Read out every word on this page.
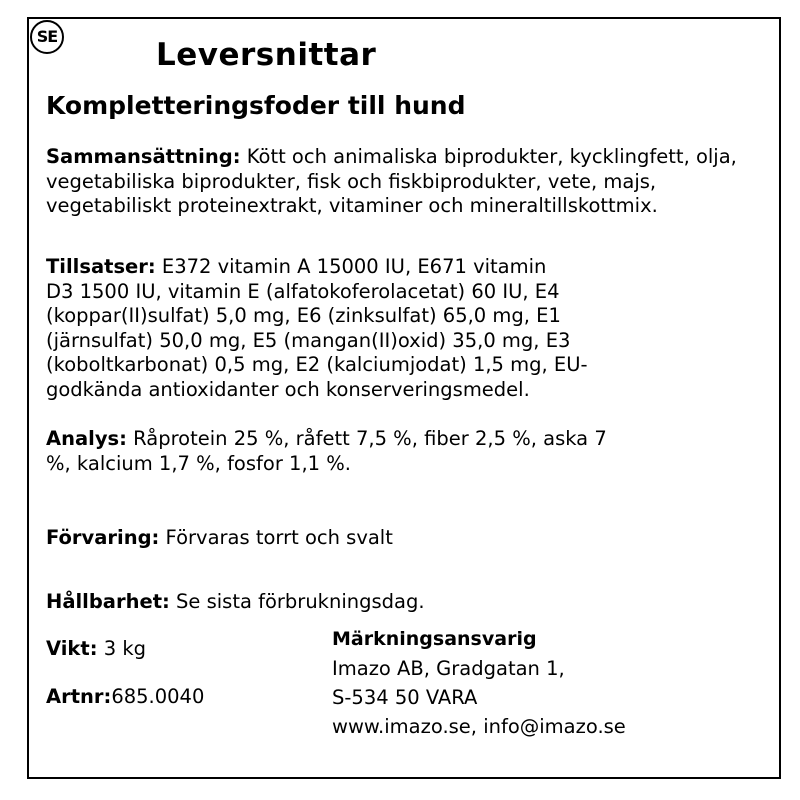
SE
Leversnittar
Kompletteringsfoder till hund

Sammansättning: Kött och animaliska biprodukter, kycklingfett, olja, vegetabiliska biprodukter, fisk och fiskbiprodukter, vete, majs, vegetabiliskt proteinextrakt, vitaminer och mineraltillskottmix.

Tillsatser: E372 vitamin A 15000 IU, E671 vitamin
D3 1500 IU, vitamin E (alfatokoferolacetat) 60 IU, E4
(koppar(II)sulfat) 5,0 mg, E6 (zinksulfat) 65,0 mg, E1
(järnsulfat) 50,0 mg, E5 (mangan(II)oxid) 35,0 mg, E3
(koboltkarbonat) 0,5 mg, E2 (kalciumjodat) 1,5 mg, EU-
godkända antioxidanter och konserveringsmedel.

Analys: Råprotein 25 %, råfett 7,5 %, fiber 2,5 %, aska 7
%, kalcium 1,7 %, fosfor 1,1 %.

Förvaring: Förvaras torrt och svalt

Hållbarhet: Se sista förbrukningsdag.

Vikt: 3 kg

Artnr:685.0040

Märkningsansvarig
Imazo AB, Gradgatan 1,
S-534 50 VARA
www.imazo.se, info@imazo.se
